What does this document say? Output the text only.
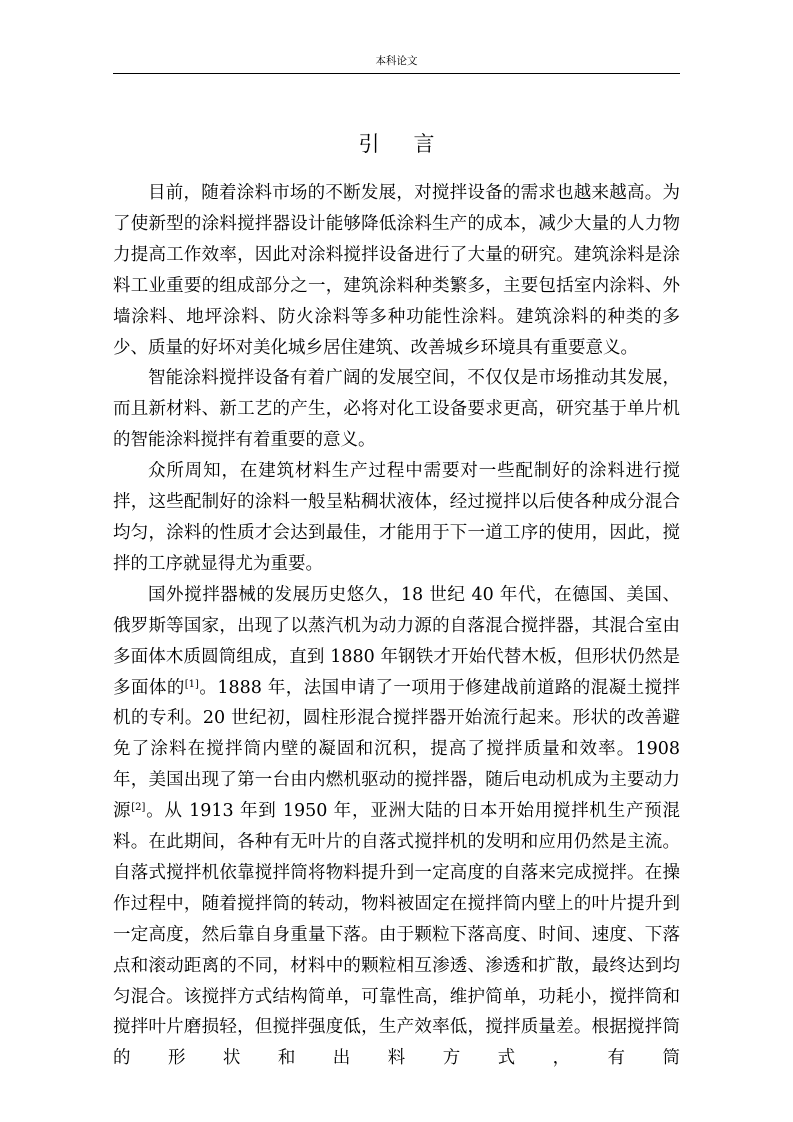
本科论文
引言

目前，随着涂料市场的不断发展，对搅拌设备的需求也越来越高。为了使新型的涂料搅拌器设计能够降低涂料生产的成本，减少大量的人力物力提高工作效率，因此对涂料搅拌设备进行了大量的研究。建筑涂料是涂料工业重要的组成部分之一，建筑涂料种类繁多，主要包括室内涂料、外墙涂料、地坪涂料、防火涂料等多种功能性涂料。建筑涂料的种类的多少、质量的好坏对美化城乡居住建筑、改善城乡环境具有重要意义。

智能涂料搅拌设备有着广阔的发展空间，不仅仅是市场推动其发展，而且新材料、新工艺的产生，必将对化工设备要求更高，研究基于单片机的智能涂料搅拌有着重要的意义。

众所周知，在建筑材料生产过程中需要对一些配制好的涂料进行搅拌，这些配制好的涂料一般呈粘稠状液体，经过搅拌以后使各种成分混合均匀，涂料的性质才会达到最佳，才能用于下一道工序的使用，因此，搅拌的工序就显得尤为重要。

国外搅拌器械的发展历史悠久，18 世纪 40 年代，在德国、美国、俄罗斯等国家，出现了以蒸汽机为动力源的自落混合搅拌器，其混合室由多面体木质圆筒组成，直到 1880 年钢铁才开始代替木板，但形状仍然是多面体的[1]。1888 年，法国申请了一项用于修建战前道路的混凝土搅拌机的专利。20 世纪初，圆柱形混合搅拌器开始流行起来。形状的改善避免了涂料在搅拌筒内壁的凝固和沉积，提高了搅拌质量和效率。1908 年，美国出现了第一台由内燃机驱动的搅拌器，随后电动机成为主要动力源[2]。从 1913 年到 1950 年，亚洲大陆的日本开始用搅拌机生产预混料。在此期间，各种有无叶片的自落式搅拌机的发明和应用仍然是主流。自落式搅拌机依靠搅拌筒将物料提升到一定高度的自落来完成搅拌。在操作过程中，随着搅拌筒的转动，物料被固定在搅拌筒内壁上的叶片提升到一定高度，然后靠自身重量下落。由于颗粒下落高度、时间、速度、下落点和滚动距离的不同，材料中的颗粒相互渗透、渗透和扩散，最终达到均匀混合。该搅拌方式结构简单，可靠性高，维护简单，功耗小，搅拌筒和搅拌叶片磨损轻，但搅拌强度低，生产效率低，搅拌质量差。根据搅拌筒的形状和出料方式，有筒
